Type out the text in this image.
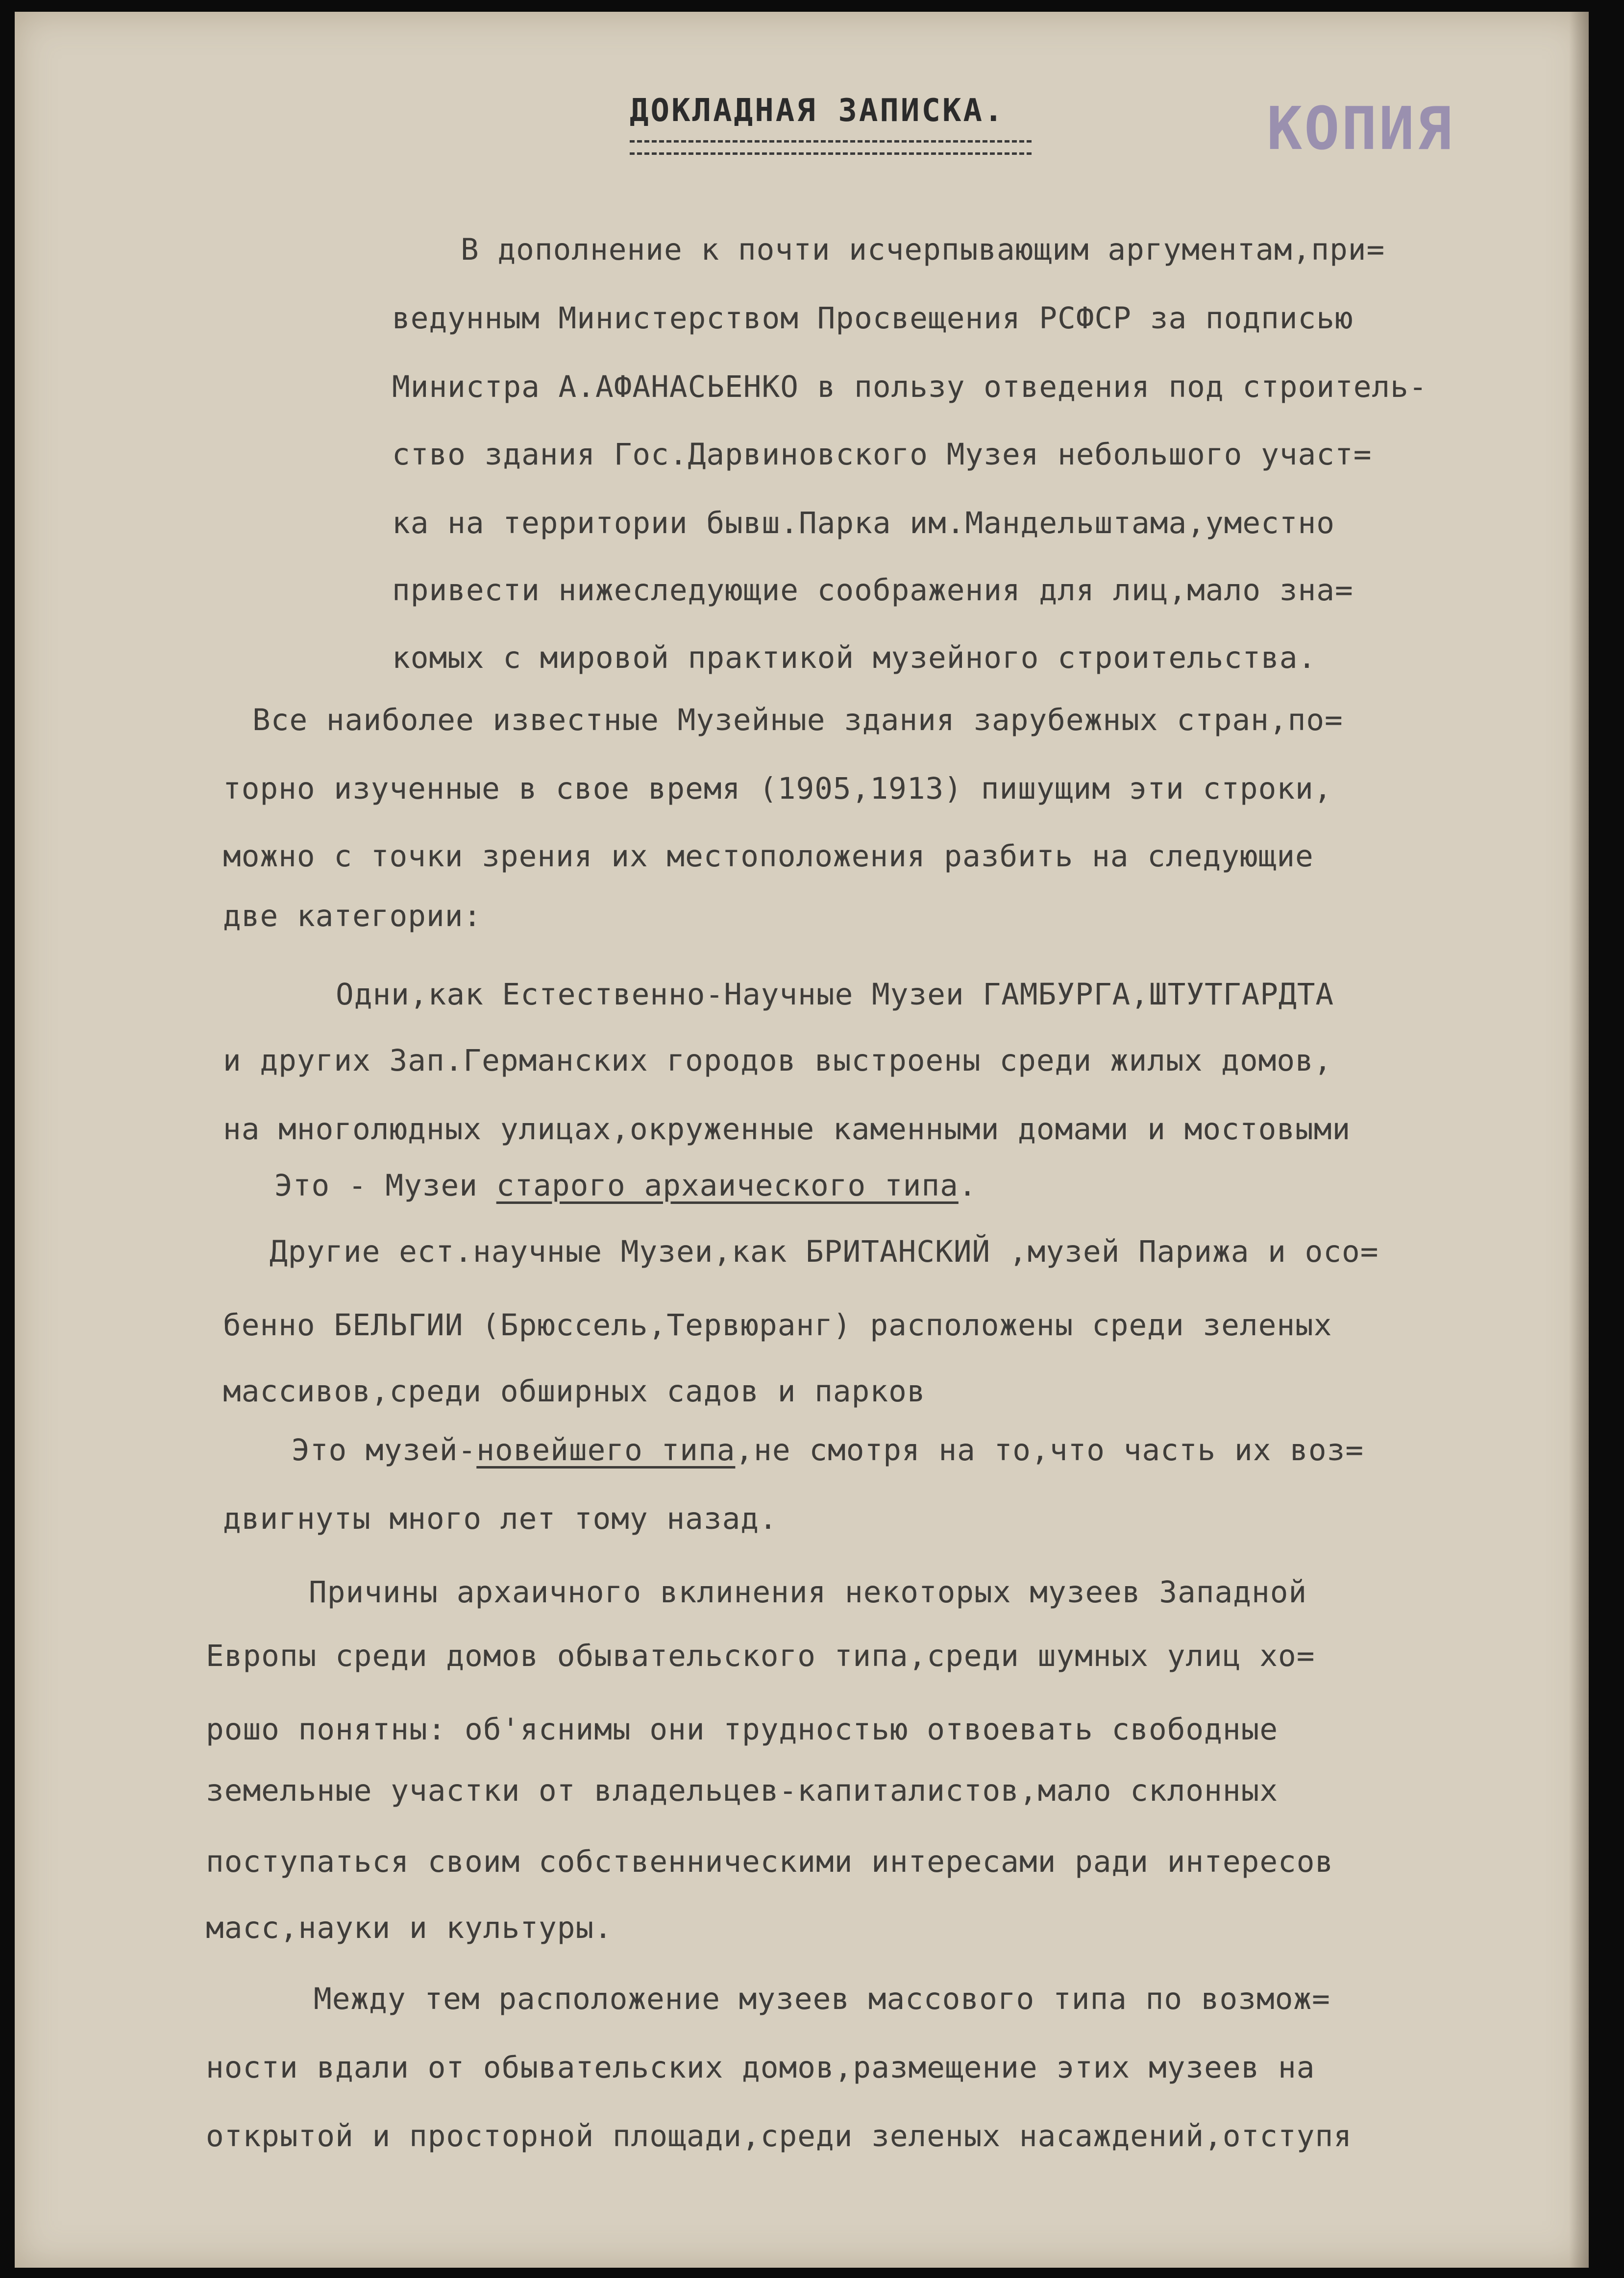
КОПИЯ
ДОКЛАДНАЯ ЗАПИСКА.
В дополнение к почти исчерпывающим аргументам,при=
ведунным Министерством Просвещения РСФСР за подписью
Министра А.АФАНАСЬЕНКО в пользу отведения под строитель-
ство здания Гос.Дарвиновского Музея небольшого участ=
ка на территории бывш.Парка им.Мандельштама,уместно
привести нижеследующие соображения для лиц,мало зна=
комых с мировой практикой музейного строительства.
Все наиболее известные Музейные здания зарубежных стран,по=
торно изученные в свое время (1905,1913) пишущим эти строки,
можно с точки зрения их местоположения разбить на следующие
две категории:
Одни,как Естественно-Научные Музеи ГАМБУРГА,ШТУТГАРДТА
и других Зап.Германских городов выстроены среди жилых домов,
на многолюдных улицах,окруженные каменными домами и мостовыми
Это - Музеи старого архаического типа.
Другие ест.научные Музеи,как БРИТАНСКИЙ ,музей Парижа и осо=
бенно БЕЛЬГИИ (Брюссель,Тервюранг) расположены среди зеленых
массивов,среди обширных садов и парков
Это музей-новейшего типа,не смотря на то,что часть их воз=
двигнуты много лет тому назад.
Причины архаичного вклинения некоторых музеев Западной
Европы среди домов обывательского типа,среди шумных улиц хо=
рошо понятны: об'яснимы они трудностью отвоевать свободные
земельные участки от владельцев-капиталистов,мало склонных
поступаться своим собственническими интересами ради интересов
масс,науки и культуры.
Между тем расположение музеев массового типа по возмож=
ности вдали от обывательских домов,размещение этих музеев на
открытой и просторной площади,среди зеленых насаждений,отступя
